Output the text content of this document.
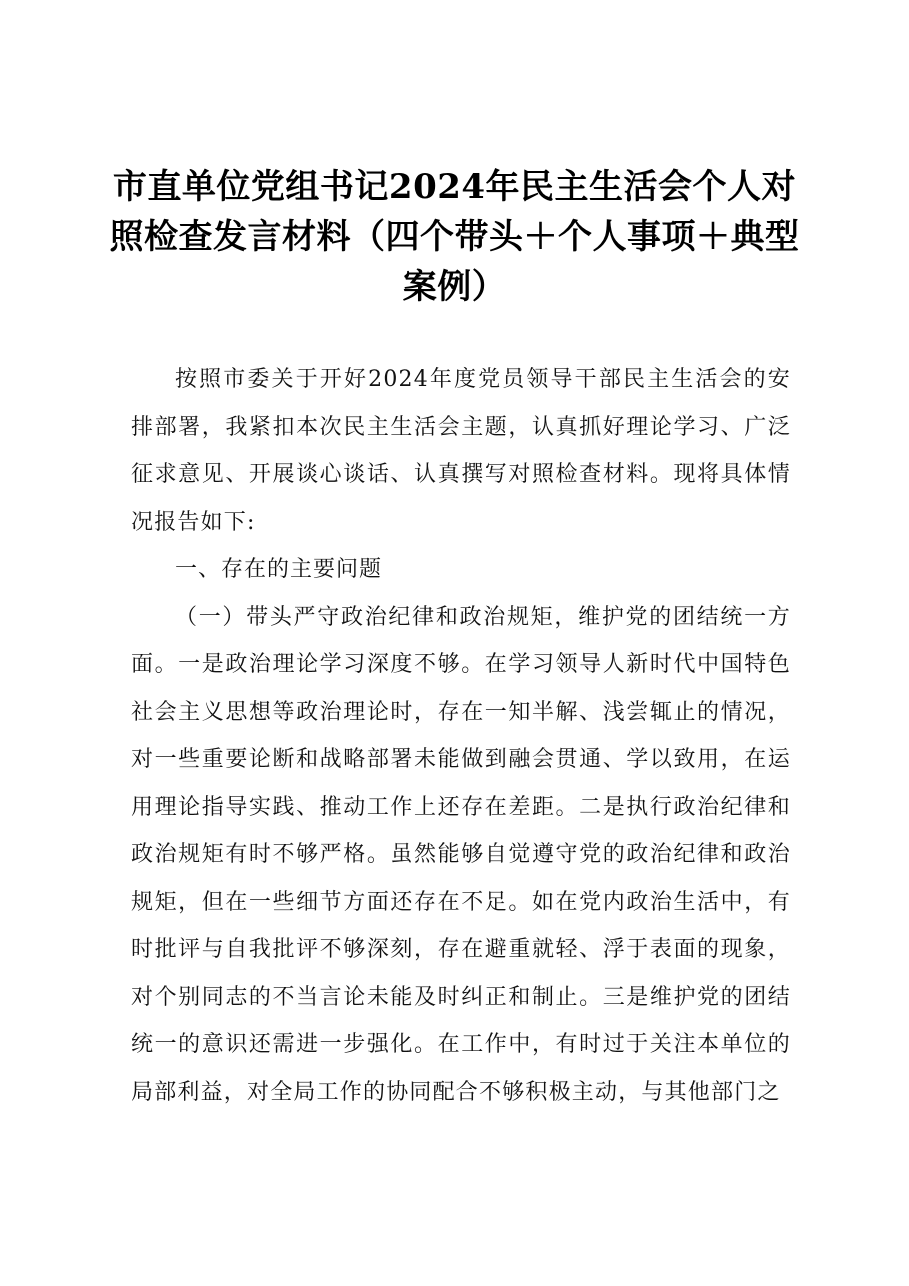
市直单位党组书记2024年民主生活会个人对照检查发言材料（四个带头＋个人事项＋典型案例）

按照市委关于开好2024年度党员领导干部民主生活会的安排部署，我紧扣本次民主生活会主题，认真抓好理论学习、广泛征求意见、开展谈心谈话、认真撰写对照检查材料。现将具体情况报告如下:

一、存在的主要问题

（一）带头严守政治纪律和政治规矩，维护党的团结统一方面。一是政治理论学习深度不够。在学习领导人新时代中国特色社会主义思想等政治理论时，存在一知半解、浅尝辄止的情况，对一些重要论断和战略部署未能做到融会贯通、学以致用，在运用理论指导实践、推动工作上还存在差距。二是执行政治纪律和政治规矩有时不够严格。虽然能够自觉遵守党的政治纪律和政治规矩，但在一些细节方面还存在不足。如在党内政治生活中，有时批评与自我批评不够深刻，存在避重就轻、浮于表面的现象，对个别同志的不当言论未能及时纠正和制止。三是维护党的团结统一的意识还需进一步强化。在工作中，有时过于关注本单位的局部利益，对全局工作的协同配合不够积极主动，与其他部门之
